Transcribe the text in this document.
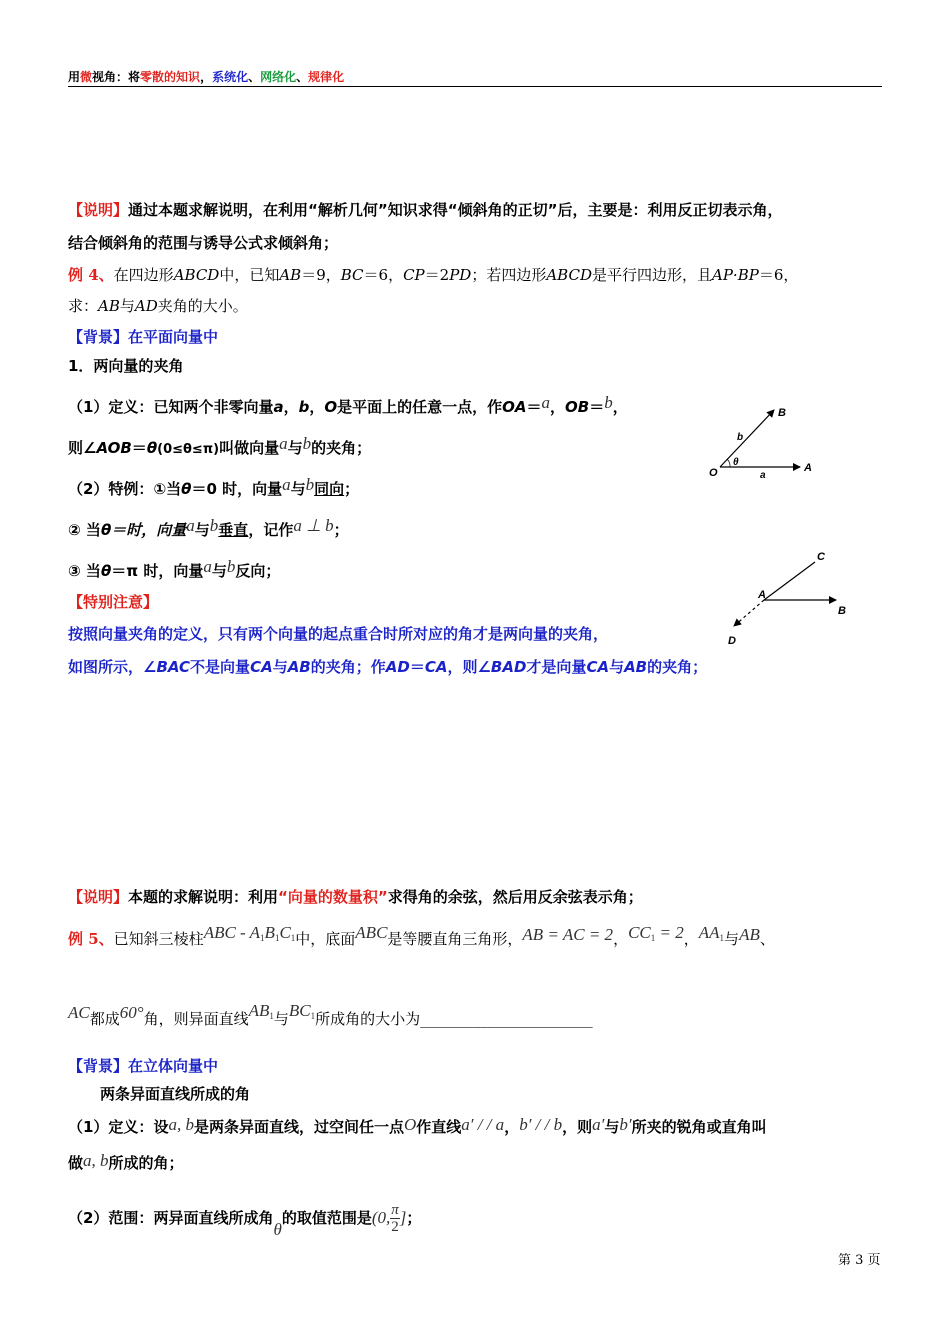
用微视角：将零散的知识，系统化、网络化、规律化
【说明】通过本题求解说明，在利用“解析几何”知识求得“倾斜角的正切”后，主要是：利用反正切表示角，
结合倾斜角的范围与诱导公式求倾斜角；
例 4、在四边形ABCD中，已知AB＝9，BC＝6，CP＝2PD；若四边形ABCD是平行四边形，且AP·BP＝6，
求：AB与AD夹角的大小。
【背景】在平面向量中
1．两向量的夹角
（1）定义：已知两个非零向量a，b，O是平面上的任意一点，作OA＝a，OB＝b，
则∠AOB＝θ(0≤θ≤π)叫做向量a与b的夹角；
（2）特例：①当θ＝0 时，向量a与b同向；
② 当θ＝时，向量a与b垂直，记作a ⊥ b；
③ 当θ＝π 时，向量a与b反向；
【特别注意】
按照向量夹角的定义，只有两个向量的起点重合时所对应的角才是两向量的夹角，
如图所示，∠BAC不是向量CA与AB的夹角；作AD＝CA，则∠BAD才是向量CA与AB的夹角；
B
b
O
θ
a
A
C
A
B
D
【说明】本题的求解说明：利用“向量的数量积”求得角的余弦，然后用反余弦表示角；
例 5、已知斜三棱柱ABC - $A_1B_1C_1$中，底面ABC是等腰直角三角形，AB = AC = 2，$CC_1 = 2$，$AA_1$与AB、
AC都成60°角，则异面直线$AB_1$与$BC_1$所成角的大小为_______________________
【背景】在立体向量中
两条异面直线所成的角
（1）定义：设a, b是两条异面直线，过空间任一点O作直线a′ / / a，b′ / / b，则a′与b′所夹的锐角或直角叫
做a, b所成的角；
（2）范围：两异面直线所成角θ的取值范围是(0, $\frac{\pi}{2}$ ]；
第 3 页
